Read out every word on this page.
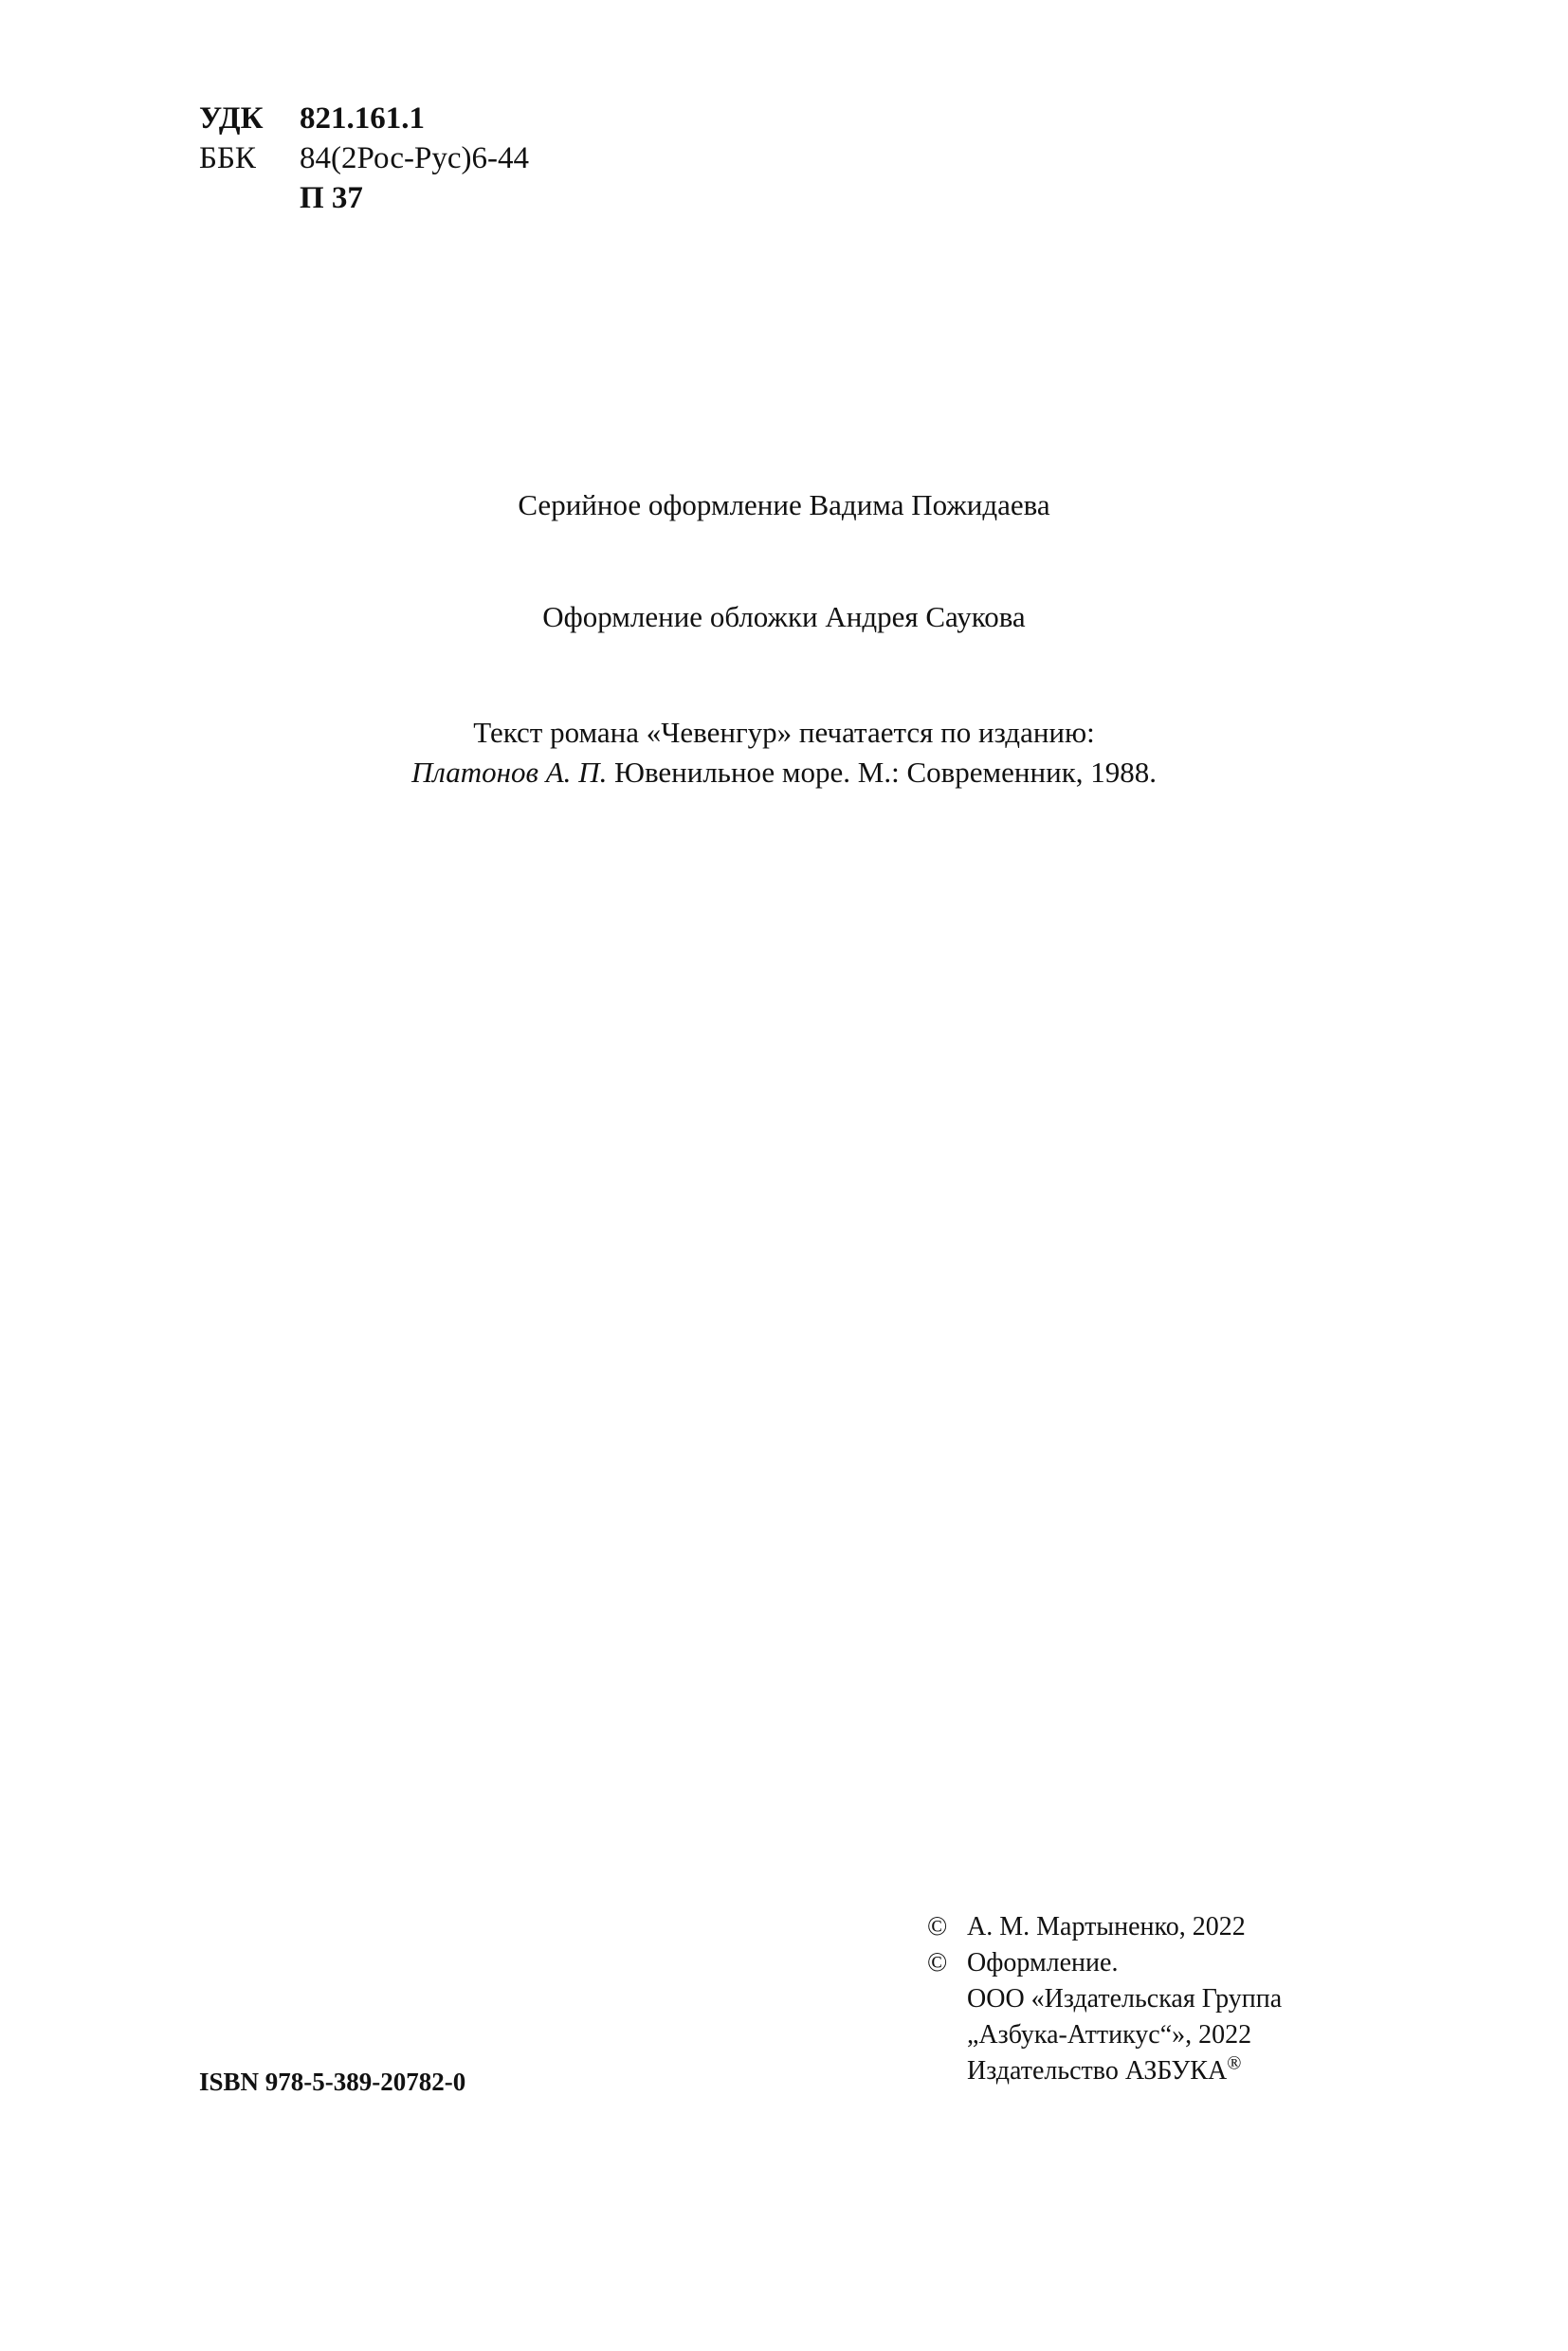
УДК	821.161.1
ББК	84(2Рос-Рус)6-44
П 37
Серийное оформление Вадима Пожидаева
Оформление обложки Андрея Саукова
Текст романа «Чевенгур» печатается по изданию:
Платонов А. П. Ювенильное море. М.: Современник, 1988.
ISBN 978-5-389-20782-0
© А. М. Мартыненко, 2022
© Оформление.
ООО «Издательская Группа
„Азбука-Аттикус“», 2022
Издательство АЗБУКА®
